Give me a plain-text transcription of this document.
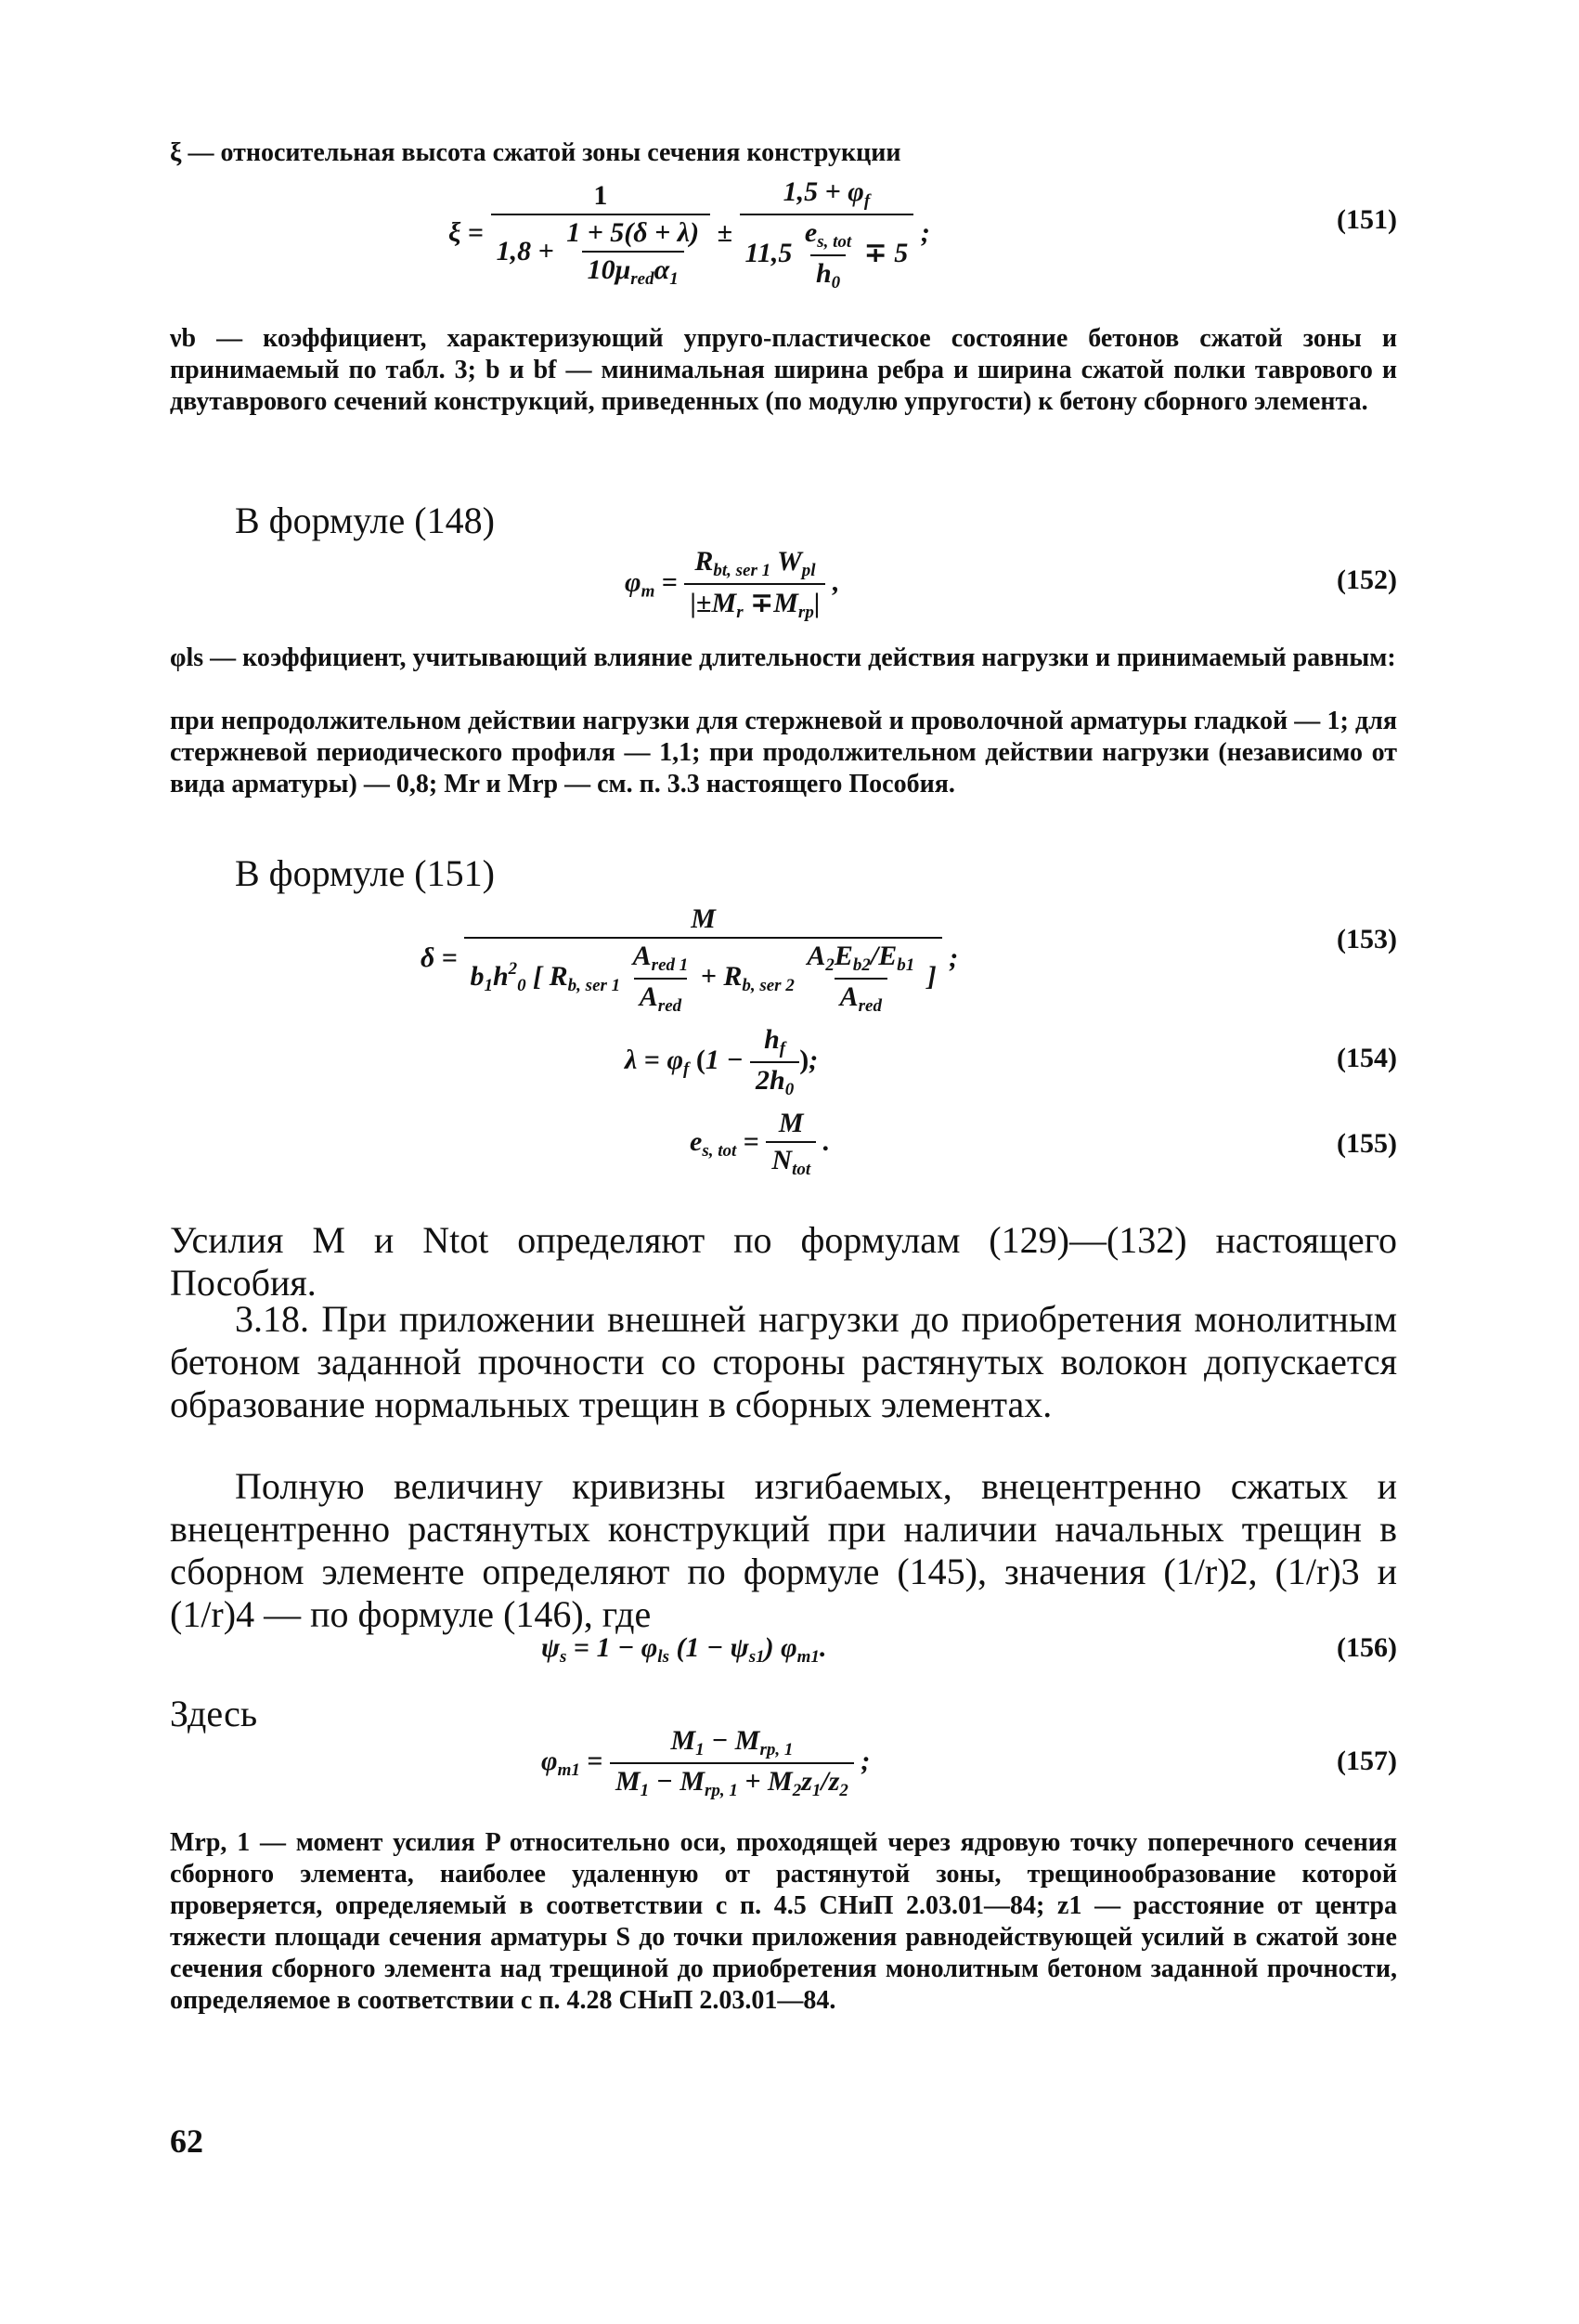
ξ — относительная высота сжатой зоны сечения конструкции
$\xi = \frac{1}{1,8 + \frac{1 + 5(\delta + \lambda)}{10\mu_{red}\alpha_1}} \pm \frac{1,5 + \varphi_f}{11,5 \frac{e_{s, tot}}{h_0} \mp 5}$ ;	(151)
νb — коэффициент, характеризующий упруго-пластическое состояние бетонов сжатой зоны и принимаемый по табл. 3; b и bf — минимальная ширина ребра и ширина сжатой полки таврового и двутаврового сечений конструкций, приведенных (по модулю упругости) к бетону сборного элемента.
В формуле (148)
$\varphi_m = \frac{R_{bt, ser 1} W_{pl}}{|\pm M_r \mp M_{rp}|}$ ,	(152)
φls — коэффициент, учитывающий влияние длительности действия нагрузки и принимаемый равным:
при непродолжительном действии нагрузки для стержневой и проволочной арматуры гладкой — 1; для стержневой периодического профиля — 1,1; при продолжительном действии нагрузки (независимо от вида арматуры) — 0,8; Mr и Mrp — см. п. 3.3 настоящего Пособия.
В формуле (151)
$\delta = \frac{M}{b_1h^2_0 [ R_{b, ser 1} \frac{A_{red 1}}{A_{red}} + R_{b, ser 2} \frac{A_2E_{b2}/E_{b1}}{A_{red}} ]}$ ;
(153)
$\lambda = \varphi_f$ ($1 - \frac{h_f}{2h_0}$ );	(154)
$e_{s, tot} = \frac{M}{N_{tot}}$ .	(155)
Усилия M и Ntot определяют по формулам (129)—(132) настоящего Пособия.
3.18. При приложении внешней нагрузки до приобретения монолитным бетоном заданной прочности со стороны растянутых волокон допускается образование нормальных трещин в сборных элементах.
Полную величину кривизны изгибаемых, внецентренно сжатых и внецентренно растянутых конструкций при наличии начальных трещин в сборном элементе определяют по формуле (145), значения (1/r)2, (1/r)3 и (1/r)4 — по формуле (146), где
$\psi_s = 1 - \varphi_{ls}$ $(1 - \psi_{s1})$ $\varphi_{m1}$.	(156)
Здесь
$\varphi_{m1} = \frac{M_1 - M_{rp, 1}}{M_1 - M_{rp, 1} + M_2z_1/z_2}$ ;	(157)
Mrp, 1 — момент усилия P относительно оси, проходящей через ядровую точку поперечного сечения сборного элемента, наиболее удаленную от растянутой зоны, трещинообразование которой проверяется, определяемый в соответствии с п. 4.5 СНиП 2.03.01—84; z1 — расстояние от центра тяжести площади сечения арматуры S до точки приложения равнодействующей усилий в сжатой зоне сечения сборного элемента над трещиной до приобретения монолитным бетоном заданной прочности, определяемое в соответствии с п. 4.28 СНиП 2.03.01—84.
62
